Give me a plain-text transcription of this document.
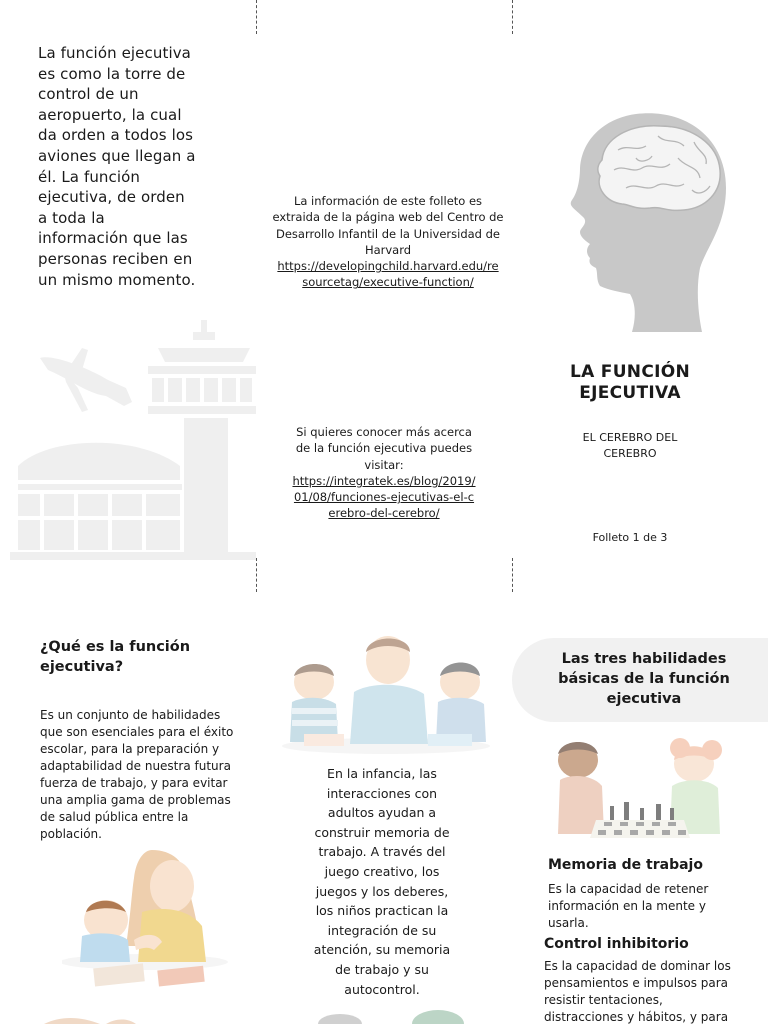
La función ejecutiva es como la torre de control de un aeropuerto, la cual da orden a todos los aviones que llegan a él. La función ejecutiva, de orden a toda la información que las personas reciben en un mismo momento.
La información de este folleto es extraida de la página web del Centro de Desarrollo Infantil de la Universidad de Harvard
https://developingchild.harvard.edu/resourcetag/executive-function/
Si quieres conocer más acerca de la función ejecutiva puedes visitar:
https://integratek.es/blog/2019/01/08/funciones-ejecutivas-el-cerebro-del-cerebro/
LA FUNCIÓN EJECUTIVA
EL CEREBRO DEL CEREBRO
Folleto 1 de 3
¿Qué es la función ejecutiva?
Es un conjunto de habilidades que son esenciales para el éxito escolar, para la preparación y adaptabilidad de nuestra futura fuerza de trabajo, y para evitar una amplia gama de problemas de salud pública entre la población.
En la infancia, las interacciones con adultos ayudan a construir memoria de trabajo. A través del juego creativo, los juegos y los deberes, los niños practican la integración de su atención, su memoria de trabajo y su autocontrol.
Las tres habilidades básicas de la función ejecutiva
Memoria de trabajo
Es la capacidad de retener información en la mente y usarla.
Control inhibitorio
Es la capacidad de dominar los pensamientos e impulsos para resistir tentaciones, distracciones y hábitos, y para
